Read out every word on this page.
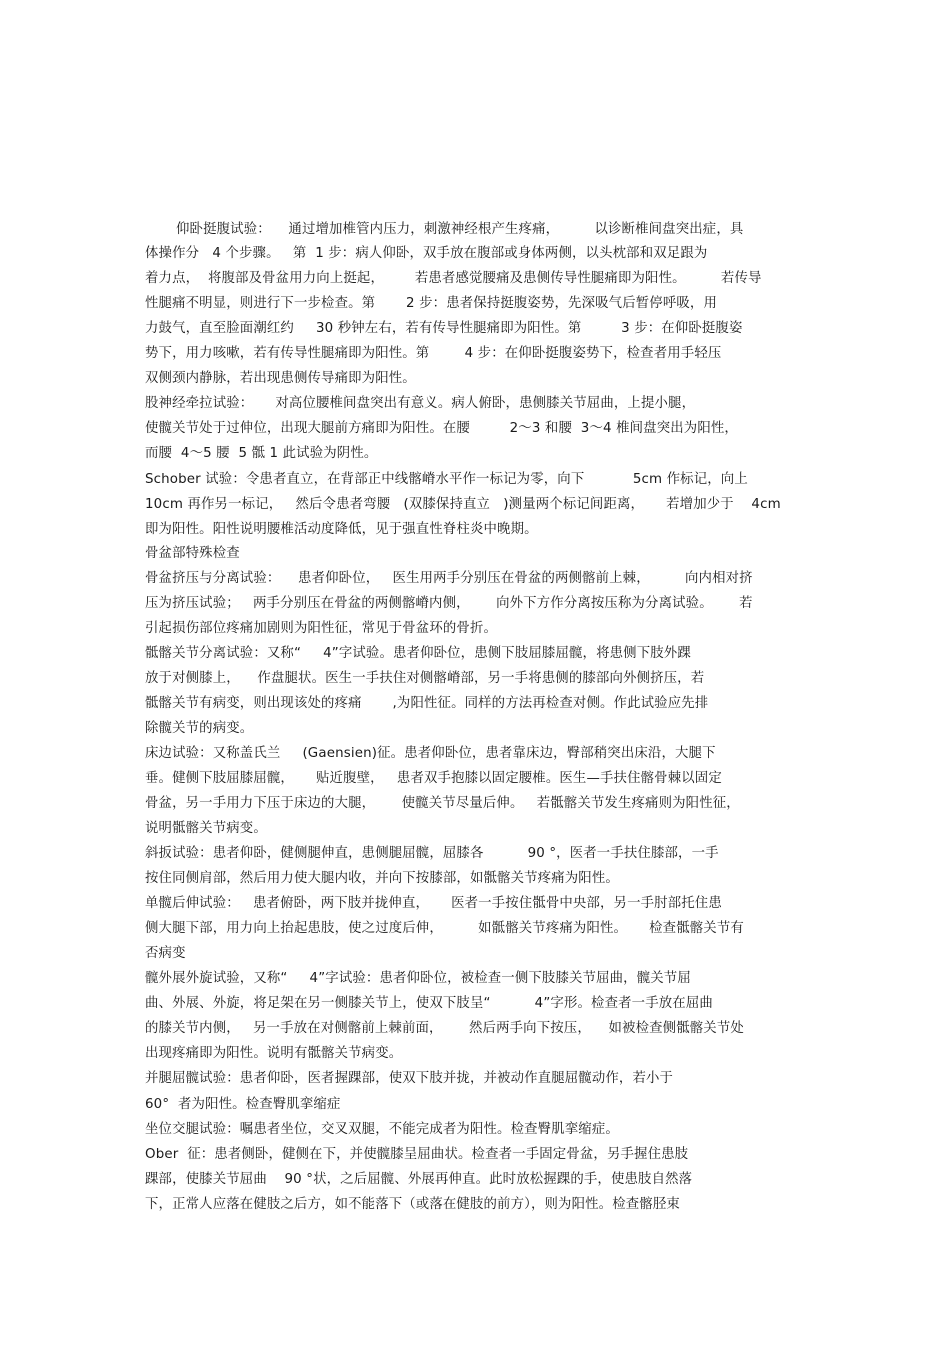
仰卧挺腹试验：    通过增加椎管内压力，刺激神经根产生疼痛，        以诊断椎间盘突出症，具

体操作分   4 个步骤。   第  1 步：病人仰卧，双手放在腹部或身体两侧，以头枕部和双足跟为

着力点，  将腹部及骨盆用力向上挺起，       若患者感觉腰痛及患侧传导性腿痛即为阳性。        若传导

性腿痛不明显，则进行下一步检查。第       2 步：患者保持挺腹姿势，先深吸气后暂停呼吸，用

力鼓气，直至脸面潮红约     30 秒钟左右，若有传导性腿痛即为阳性。第         3 步：在仰卧挺腹姿

势下，用力咳嗽，若有传导性腿痛即为阳性。第        4 步：在仰卧挺腹姿势下，检查者用手轻压

双侧颈内静脉，若出现患侧传导痛即为阳性。

股神经牵拉试验：     对高位腰椎间盘突出有意义。病人俯卧，患侧膝关节屈曲，上提小腿，

使髋关节处于过伸位，出现大腿前方痛即为阳性。在腰         2～3 和腰  3～4 椎间盘突出为阳性，

而腰  4～5 腰  5 骶 1 此试验为阴性。

Schober 试验：令患者直立，在背部正中线髂嵴水平作一标记为零，向下           5cm 作标记，向上

10cm 再作另一标记，   然后令患者弯腰   (双膝保持直立   )测量两个标记间距离，     若增加少于    4cm

即为阳性。阳性说明腰椎活动度降低，见于强直性脊柱炎中晚期。

骨盆部特殊检查

骨盆挤压与分离试验：    患者仰卧位，   医生用两手分别压在骨盆的两侧髂前上棘，        向内相对挤

压为挤压试验；   两手分别压在骨盆的两侧髂嵴内侧，      向外下方作分离按压称为分离试验。      若

引起损伤部位疼痛加剧则为阳性征，常见于骨盆环的骨折。

骶髂关节分离试验：又称“     4”字试验。患者仰卧位，患侧下肢屈膝屈髋，将患侧下肢外踝

放于对侧膝上，    作盘腿状。医生一手扶住对侧髂嵴部，另一手将患侧的膝部向外侧挤压，若

骶髂关节有病变，则出现该处的疼痛       ,为阳性征。同样的方法再检查对侧。作此试验应先排

除髋关节的病变。

床边试验：又称盖氏兰     (Gaensien)征。患者仰卧位，患者靠床边，臀部稍突出床沿，大腿下

垂。健侧下肢屈膝屈髋，     贴近腹壁，   患者双手抱膝以固定腰椎。医生—手扶住髂骨棘以固定

骨盆，另一手用力下压于床边的大腿，      使髋关节尽量后伸。   若骶髂关节发生疼痛则为阳性征，

说明骶髂关节病变。

斜扳试验：患者仰卧，健侧腿伸直，患侧腿屈髋，屈膝各          90 °，医者一手扶住膝部，一手

按住同侧肩部，然后用力使大腿内收，并向下按膝部，如骶髂关节疼痛为阳性。

单髋后伸试验：   患者俯卧，两下肢并拢伸直，     医者一手按住骶骨中央部，另一手肘部托住患

侧大腿下部，用力向上抬起患肢，使之过度后伸，        如骶髂关节疼痛为阳性。     检查骶髂关节有

否病变

髋外展外旋试验，又称“     4”字试验：患者仰卧位，被检查一侧下肢膝关节屈曲，髋关节屈

曲、外展、外旋，将足架在另一侧膝关节上，使双下肢呈“          4”字形。检查者一手放在屈曲

的膝关节内侧，   另一手放在对侧髂前上棘前面，      然后两手向下按压，    如被检查侧骶髂关节处

出现疼痛即为阳性。说明有骶髂关节病变。

并腿屈髋试验：患者仰卧，医者握踝部，使双下肢并拢，并被动作直腿屈髋动作，若小于

60°  者为阳性。检查臀肌挛缩症

坐位交腿试验：嘱患者坐位，交叉双腿，不能完成者为阳性。检查臀肌挛缩症。

Ober  征：患者侧卧，健侧在下，并使髋膝呈屈曲状。检查者一手固定骨盆，另手握住患肢

踝部，使膝关节屈曲    90 °状，之后屈髋、外展再伸直。此时放松握踝的手，使患肢自然落

下，正常人应落在健肢之后方，如不能落下（或落在健肢的前方），则为阳性。检查髂胫束
